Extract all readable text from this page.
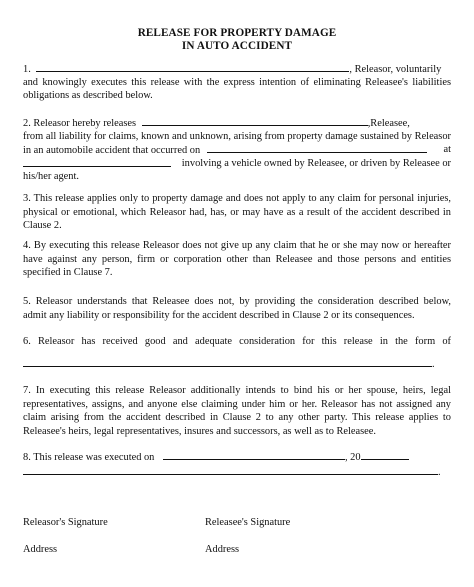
RELEASE FOR PROPERTY DAMAGE
IN AUTO ACCIDENT
1.	, Releasor, voluntarily
and knowingly executes this release with the express intention of eliminating Releasee's liabilities
obligations as described below.
2. Releasor hereby releases	,Releasee,
from all liability for claims, known and unknown, arising from property damage sustained by Releasor
in an automobile accident that occurred on	at
involving a vehicle owned by Releasee, or driven by Releasee or
his/her agent.
3. This release applies only to property damage and does not apply to any claim for personal injuries,
physical or emotional, which Releasor had, has, or may have as a result of the accident described in
Clause 2.
4. By executing this release Releasor does not give up any claim that he or she may now or hereafter
have against any person, firm or corporation other than Releasee and those persons and entities
specified in Clause 7.
5. Releasor understands that Releasee does not, by providing the consideration described below,
admit any liability or responsibility for the accident described in Clause 2 or its consequences.
6. Releasor has received good and adequate consideration for this release in the form of
.
7. In executing this release Releasor additionally intends to bind his or her spouse, heirs, legal
representatives, assigns, and anyone else claiming under him or her. Releasor has not assigned any
claim arising from the accident described in Clause 2 to any other party. This release applies to
Releasee's heirs, legal representatives, insures and successors, as well as to Releasee.
8. This release was executed on	, 20
.
Releasor's Signature	Releasee's Signature
Address	Address
